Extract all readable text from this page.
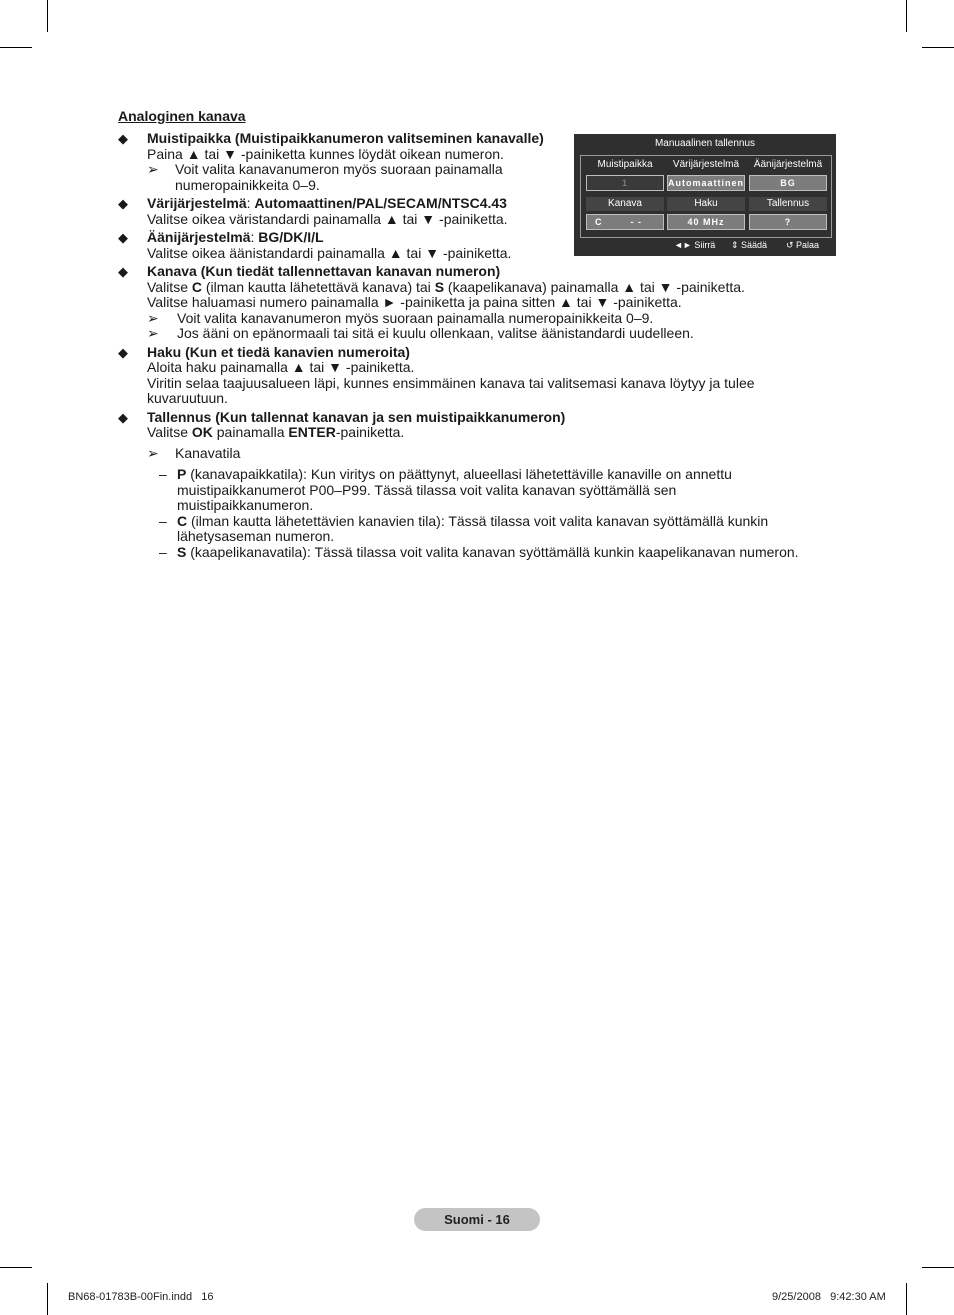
Analoginen kanava
◆ Muistipaikka (Muistipaikkanumeron valitseminen kanavalle)
Paina ▲ tai ▼ -painiketta kunnes löydät oikean numeron.
➢ Voit valita kanavanumeron myös suoraan painamalla numeropainikkeita 0–9.
◆ Värijärjestelmä: Automaattinen/PAL/SECAM/NTSC4.43
Valitse oikea väristandardi painamalla ▲ tai ▼ -painiketta.
◆ Äänijärjestelmä: BG/DK/I/L
Valitse oikea äänistandardi painamalla ▲ tai ▼ -painiketta.
◆ Kanava (Kun tiedät tallennettavan kanavan numeron)
Valitse C (ilman kautta lähetettävä kanava) tai S (kaapelikanava) painamalla ▲ tai ▼ -painiketta.
Valitse haluamasi numero painamalla ► -painiketta ja paina sitten ▲ tai ▼ -painiketta.
➢ Voit valita kanavanumeron myös suoraan painamalla numeropainikkeita 0–9.
➢ Jos ääni on epänormaali tai sitä ei kuulu ollenkaan, valitse äänistandardi uudelleen.
◆ Haku (Kun et tiedä kanavien numeroita)
Aloita haku painamalla ▲ tai ▼ -painiketta.
Viritin selaa taajuusalueen läpi, kunnes ensimmäinen kanava tai valitsemasi kanava löytyy ja tulee kuvaruutuun.
◆ Tallennus (Kun tallennat kanavan ja sen muistipaikkanumeron)
Valitse OK painamalla ENTER-painiketta.
➢ Kanavatila
– P (kanavapaikkatila): Kun viritys on päättynyt, alueellasi lähetettäville kanaville on annettu muistipaikkanumerot P00–P99. Tässä tilassa voit valita kanavan syöttämällä sen muistipaikkanumeron.
– C (ilman kautta lähetettävien kanavien tila): Tässä tilassa voit valita kanavan syöttämällä kunkin lähetysaseman numeron.
– S (kaapelikanavatila): Tässä tilassa voit valita kanavan syöttämällä kunkin kaapelikanavan numeron.
Manuaalinen tallennus
Muistipaikka	Värijärjestelmä	Äänijärjestelmä
1	Automaattinen	BG
Kanava	Haku	Tallennus
C        - -	40 MHz	?
◄► Siirrä ⇕ Säädä ↺ Palaa
Suomi - 16
BN68-01783B-00Fin.indd   16	9/25/2008   9:42:30 AM
